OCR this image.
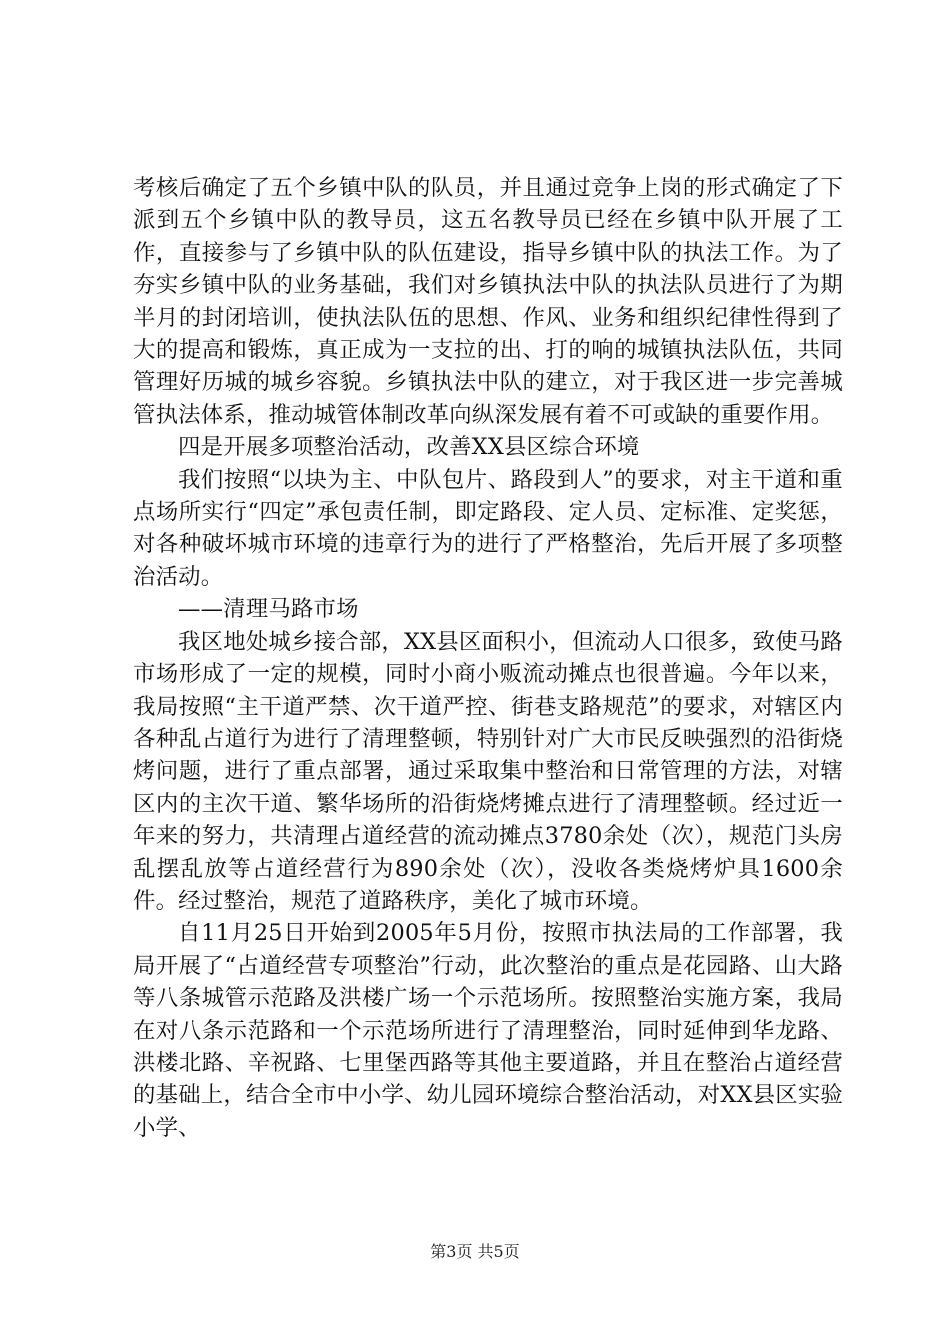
考核后确定了五个乡镇中队的队员，并且通过竞争上岗的形式确定了下派到五个乡镇中队的教导员，这五名教导员已经在乡镇中队开展了工作，直接参与了乡镇中队的队伍建设，指导乡镇中队的执法工作。为了夯实乡镇中队的业务基础，我们对乡镇执法中队的执法队员进行了为期半月的封闭培训，使执法队伍的思想、作风、业务和组织纪律性得到了大的提高和锻炼，真正成为一支拉的出、打的响的城镇执法队伍，共同管理好历城的城乡容貌。乡镇执法中队的建立，对于我区进一步完善城管执法体系，推动城管体制改革向纵深发展有着不可或缺的重要作用。

四是开展多项整治活动，改善XX县区综合环境

我们按照“以块为主、中队包片、路段到人”的要求，对主干道和重点场所实行“四定”承包责任制，即定路段、定人员、定标准、定奖惩，对各种破坏城市环境的违章行为的进行了严格整治，先后开展了多项整治活动。

——清理马路市场

我区地处城乡接合部，XX县区面积小，但流动人口很多，致使马路市场形成了一定的规模，同时小商小贩流动摊点也很普遍。今年以来，我局按照“主干道严禁、次干道严控、街巷支路规范”的要求，对辖区内各种乱占道行为进行了清理整顿，特别针对广大市民反映强烈的沿街烧烤问题，进行了重点部署，通过采取集中整治和日常管理的方法，对辖区内的主次干道、繁华场所的沿街烧烤摊点进行了清理整顿。经过近一年来的努力，共清理占道经营的流动摊点3780余处（次），规范门头房乱摆乱放等占道经营行为890余处（次），没收各类烧烤炉具1600余件。经过整治，规范了道路秩序，美化了城市环境。

自11月25日开始到2005年5月份，按照市执法局的工作部署，我局开展了“占道经营专项整治”行动，此次整治的重点是花园路、山大路等八条城管示范路及洪楼广场一个示范场所。按照整治实施方案，我局在对八条示范路和一个示范场所进行了清理整治，同时延伸到华龙路、洪楼北路、辛祝路、七里堡西路等其他主要道路，并且在整治占道经营的基础上，结合全市中小学、幼儿园环境综合整治活动，对XX县区实验小学、

第3页 共5页
